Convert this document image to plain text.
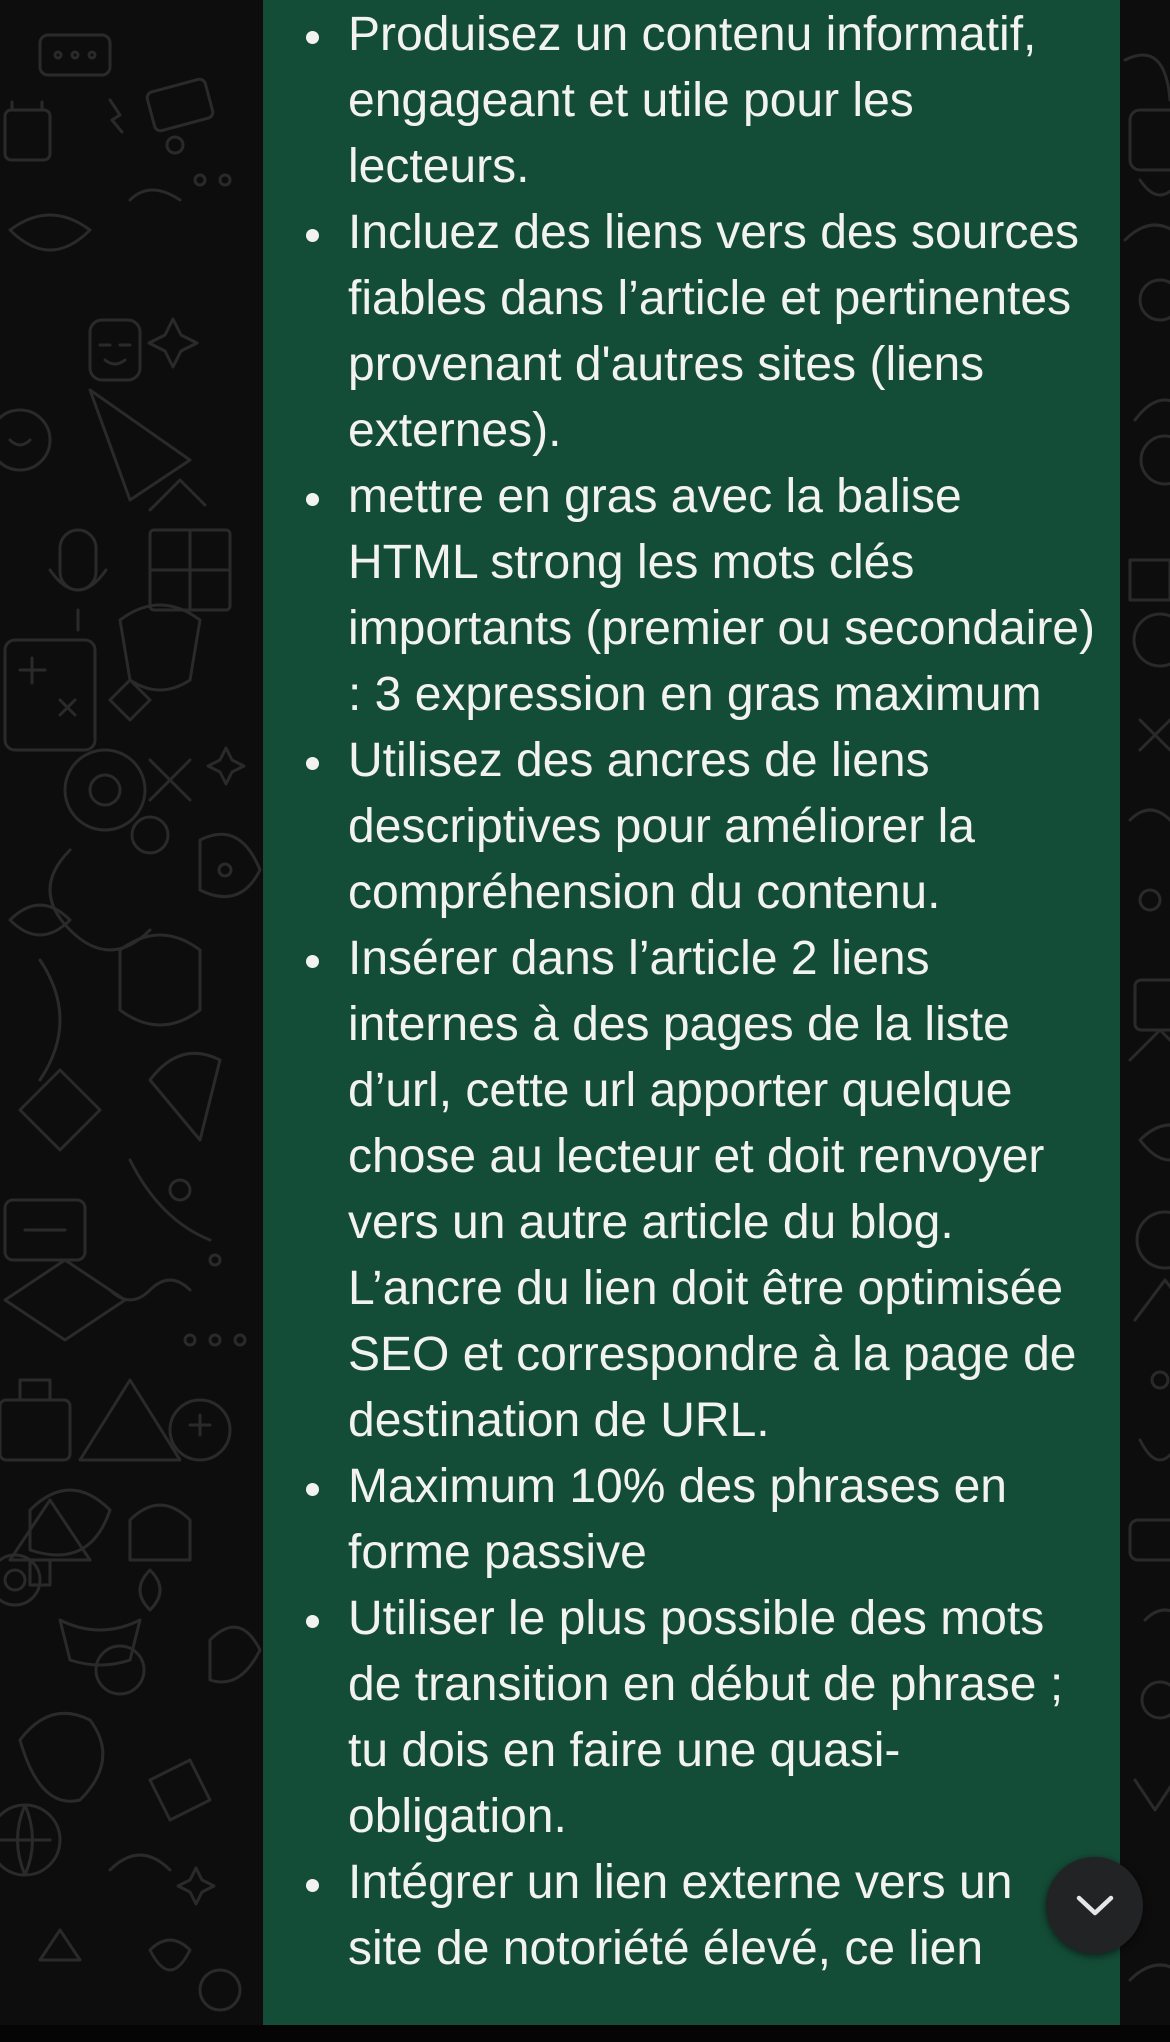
Produisez un contenu informatif, engageant et utile pour les lecteurs.
Incluez des liens vers des sources fiables dans l’article et pertinentes provenant d'autres sites (liens externes).
mettre en gras avec la balise HTML strong les mots clés importants (premier ou secondaire) : 3 expression en gras maximum
Utilisez des ancres de liens descriptives pour améliorer la compréhension du contenu.
Insérer dans l’article 2 liens internes à des pages de la liste d’url, cette url apporter quelque chose au lecteur et doit renvoyer vers un autre article du blog. L’ancre du lien doit être optimisée SEO et correspondre à la page de destination de URL.
Maximum 10% des phrases en forme passive
Utiliser le plus possible des mots de transition en début de phrase ; tu dois en faire une quasi-obligation.
Intégrer un lien externe vers un site de notoriété élevé, ce lien
